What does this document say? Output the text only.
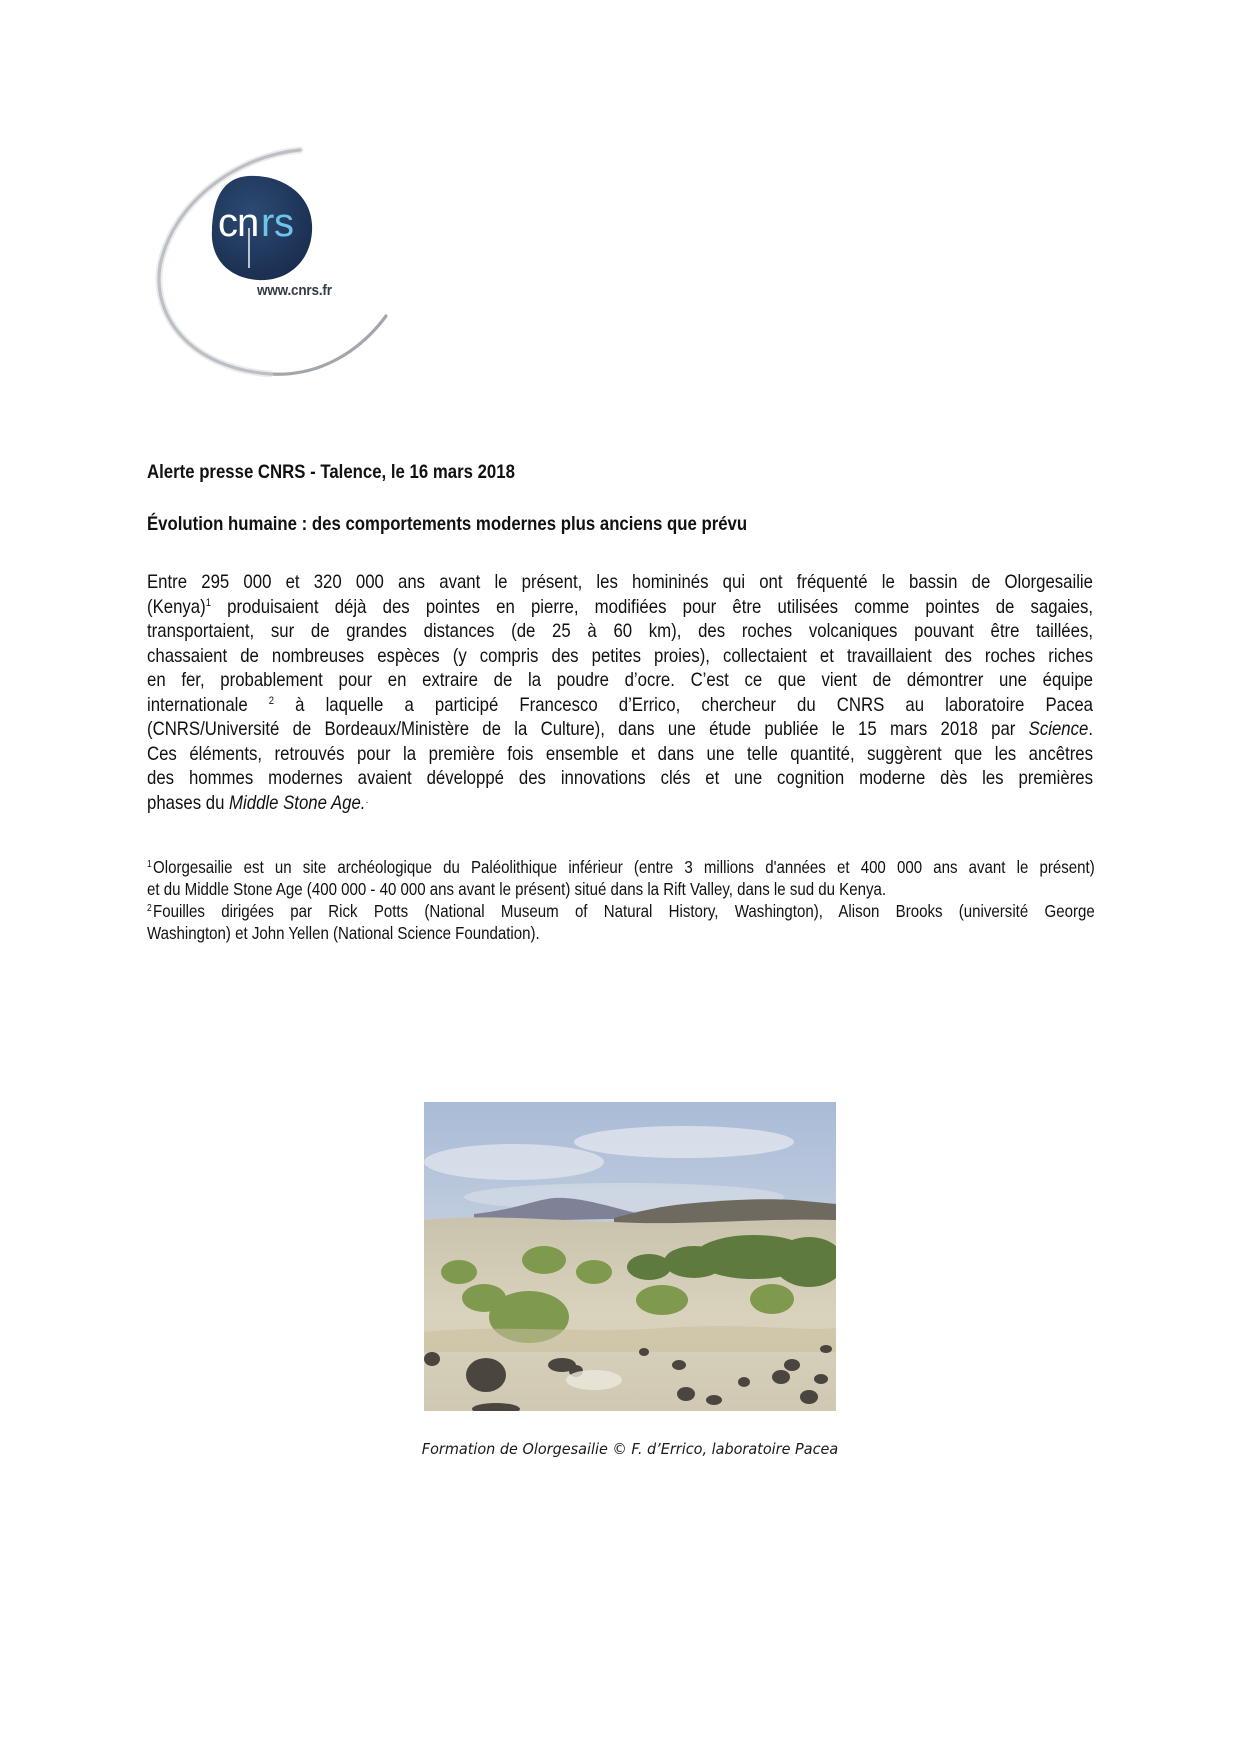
c n r s
www.cnrs.fr
Alerte presse CNRS - Talence, le 16 mars 2018
Évolution humaine : des comportements modernes plus anciens que prévu
Entre 295 000 et 320 000 ans avant le présent, les homininés qui ont fréquenté le bassin de Olorgesailie
(Kenya)$^1$ produisaient déjà des pointes en pierre, modifiées pour être utilisées comme pointes de sagaies,
transportaient, sur de grandes distances (de 25 à 60 km), des roches volcaniques pouvant être taillées,
chassaient de nombreuses espèces (y compris des petites proies), collectaient et travaillaient des roches riches
en fer, probablement pour en extraire de la poudre d’ocre. C’est ce que vient de démontrer une équipe
internationale $^2$ à laquelle a participé Francesco d’Errico, chercheur du CNRS au laboratoire Pacea
(CNRS/Université de Bordeaux/Ministère de la Culture), dans une étude publiée le 15 mars 2018 par Science.
Ces éléments, retrouvés pour la première fois ensemble et dans une telle quantité, suggèrent que les ancêtres
des hommes modernes avaient développé des innovations clés et une cognition moderne dès les premières
phases du Middle Stone Age.·
$^1$ Olorgesailie est un site archéologique du Paléolithique inférieur (entre 3 millions d'années et 400 000 ans avant le présent)
et du Middle Stone Age (400 000 - 40 000 ans avant le présent) situé dans la Rift Valley, dans le sud du Kenya.
$^2$ Fouilles dirigées par Rick Potts (National Museum of Natural History, Washington), Alison Brooks (université George
Washington) et John Yellen (National Science Foundation).
Formation de Olorgesailie © F. d’Errico, laboratoire Pacea
